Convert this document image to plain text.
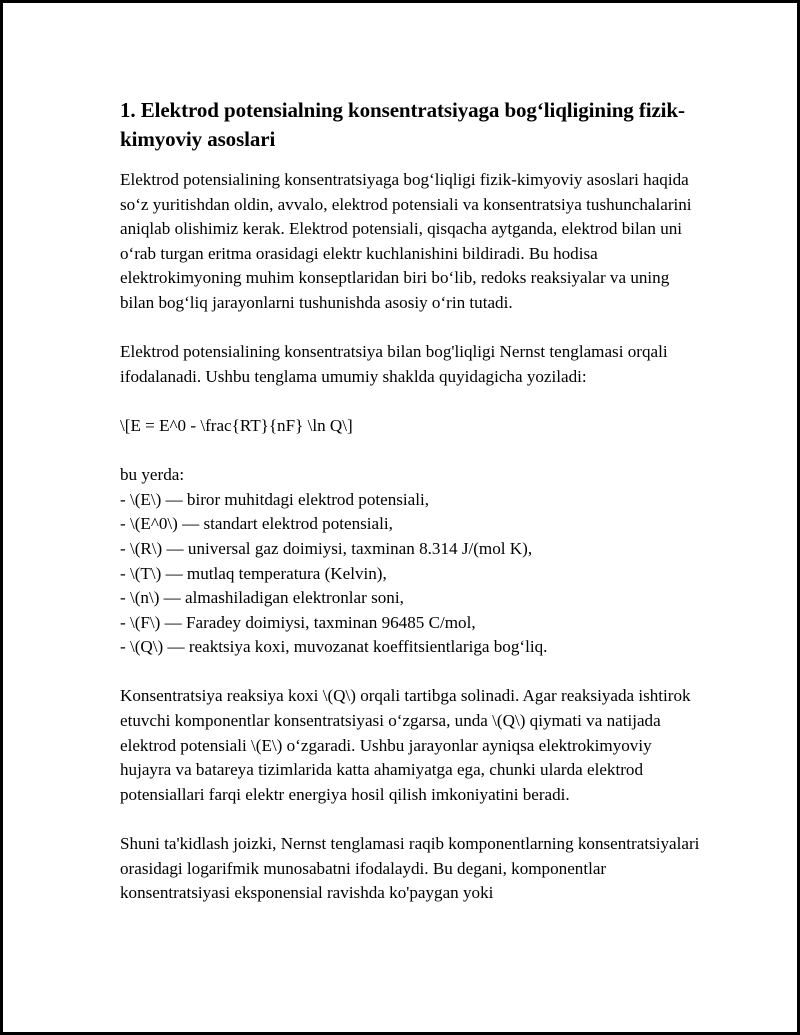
1. Elektrod potensialning konsentratsiyaga bog‘liqligining fizik-kimyoviy asoslari

Elektrod potensialining konsentratsiyaga bog‘liqligi fizik-kimyoviy asoslari haqida so‘z yuritishdan oldin, avvalo, elektrod potensiali va konsentratsiya tushunchalarini aniqlab olishimiz kerak. Elektrod potensiali, qisqacha aytganda, elektrod bilan uni o‘rab turgan eritma orasidagi elektr kuchlanishini bildiradi. Bu hodisa elektrokimyoning muhim konseptlaridan biri bo‘lib, redoks reaksiyalar va uning bilan bog‘liq jarayonlarni tushunishda asosiy o‘rin tutadi.

Elektrod potensialining konsentratsiya bilan bog'liqligi Nernst tenglamasi orqali ifodalanadi. Ushbu tenglama umumiy shaklda quyidagicha yoziladi:

\[E = E^0 - \frac{RT}{nF} \ln Q\]

bu yerda:
- \(E\) — biror muhitdagi elektrod potensiali,
- \(E^0\) — standart elektrod potensiali,
- \(R\) — universal gaz doimiysi, taxminan 8.314 J/(mol K),
- \(T\) — mutlaq temperatura (Kelvin),
- \(n\) — almashiladigan elektronlar soni,
- \(F\) — Faradey doimiysi, taxminan 96485 C/mol,
- \(Q\) — reaktsiya koxi, muvozanat koeffitsientlariga bog‘liq.

Konsentratsiya reaksiya koxi \(Q\) orqali tartibga solinadi. Agar reaksiyada ishtirok etuvchi komponentlar konsentratsiyasi o‘zgarsa, unda \(Q\) qiymati va natijada elektrod potensiali \(E\) o‘zgaradi. Ushbu jarayonlar ayniqsa elektrokimyoviy hujayra va batareya tizimlarida katta ahamiyatga ega, chunki ularda elektrod potensiallari farqi elektr energiya hosil qilish imkoniyatini beradi.

Shuni ta'kidlash joizki, Nernst tenglamasi raqib komponentlarning konsentratsiyalari orasidagi logarifmik munosabatni ifodalaydi. Bu degani, komponentlar konsentratsiyasi eksponensial ravishda ko'paygan yoki
